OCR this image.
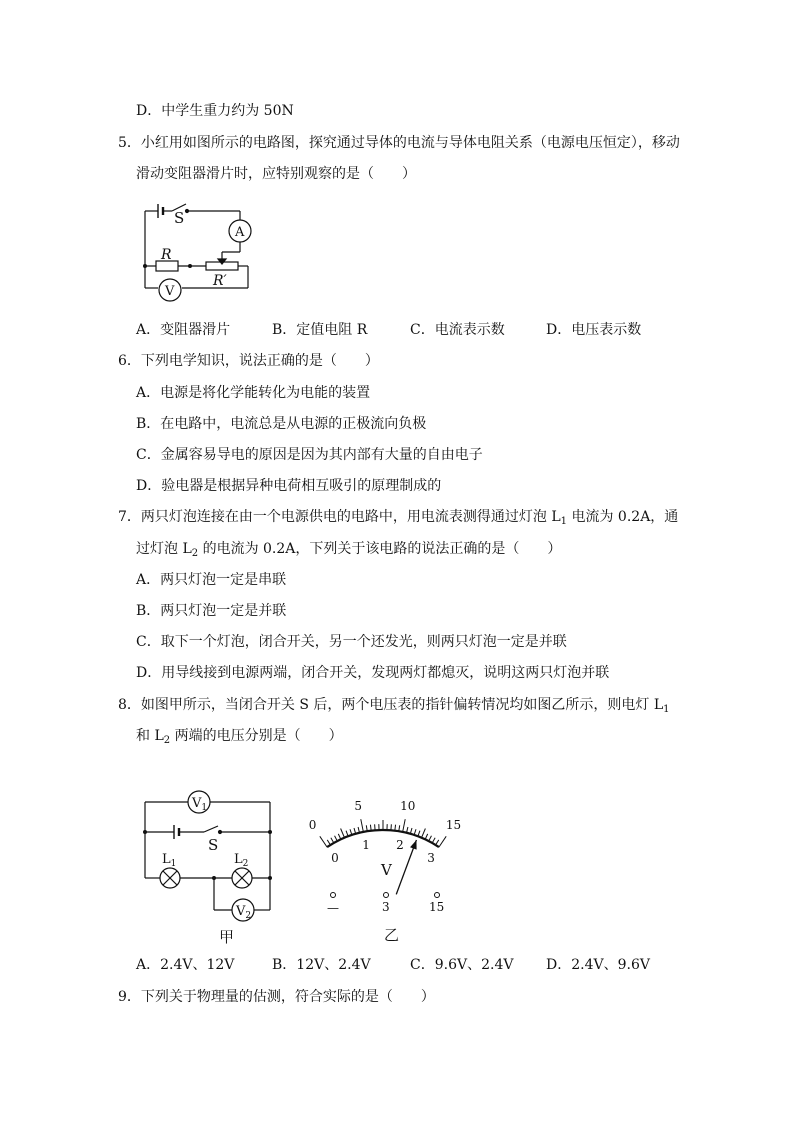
D．中学生重力约为 50N
5．小红用如图所示的电路图，探究通过导体的电流与导体电阻关系（电源电压恒定），移动
滑动变阻器滑片时，应特别观察的是（　　）
S
A
R
R′
V
A．变阻器滑片	B．定值电阻 R	C．电流表示数	D．电压表示数
6．下列电学知识，说法正确的是（　　）
A．电源是将化学能转化为电能的装置
B．在电路中，电流总是从电源的正极流向负极
C．金属容易导电的原因是因为其内部有大量的自由电子
D．验电器是根据异种电荷相互吸引的原理制成的
7．两只灯泡连接在由一个电源供电的电路中，用电流表测得通过灯泡 $L_1$ 电流为 0.2A，通
过灯泡 $L_2$ 的电流为 0.2A，下列关于该电路的说法正确的是（　　）
A．两只灯泡一定是串联
B．两只灯泡一定是并联
C．取下一个灯泡，闭合开关，另一个还发光，则两只灯泡一定是并联
D．用导线接到电源两端，闭合开关，发现两灯都熄灭，说明这两只灯泡并联
8．如图甲所示，当闭合开关 S 后，两个电压表的指针偏转情况均如图乙所示，则电灯 $L_1$
和 $L_2$ 两端的电压分别是（　　）
$V_1$
S
$L_1$	$L_2$
$V_2$
甲
0
5	10
15
0
1 2
3
V
—	3	15
乙
A．2.4V、12V	B．12V、2.4V	C．9.6V、2.4V D．2.4V、9.6V
9．下列关于物理量的估测，符合实际的是（　　）
